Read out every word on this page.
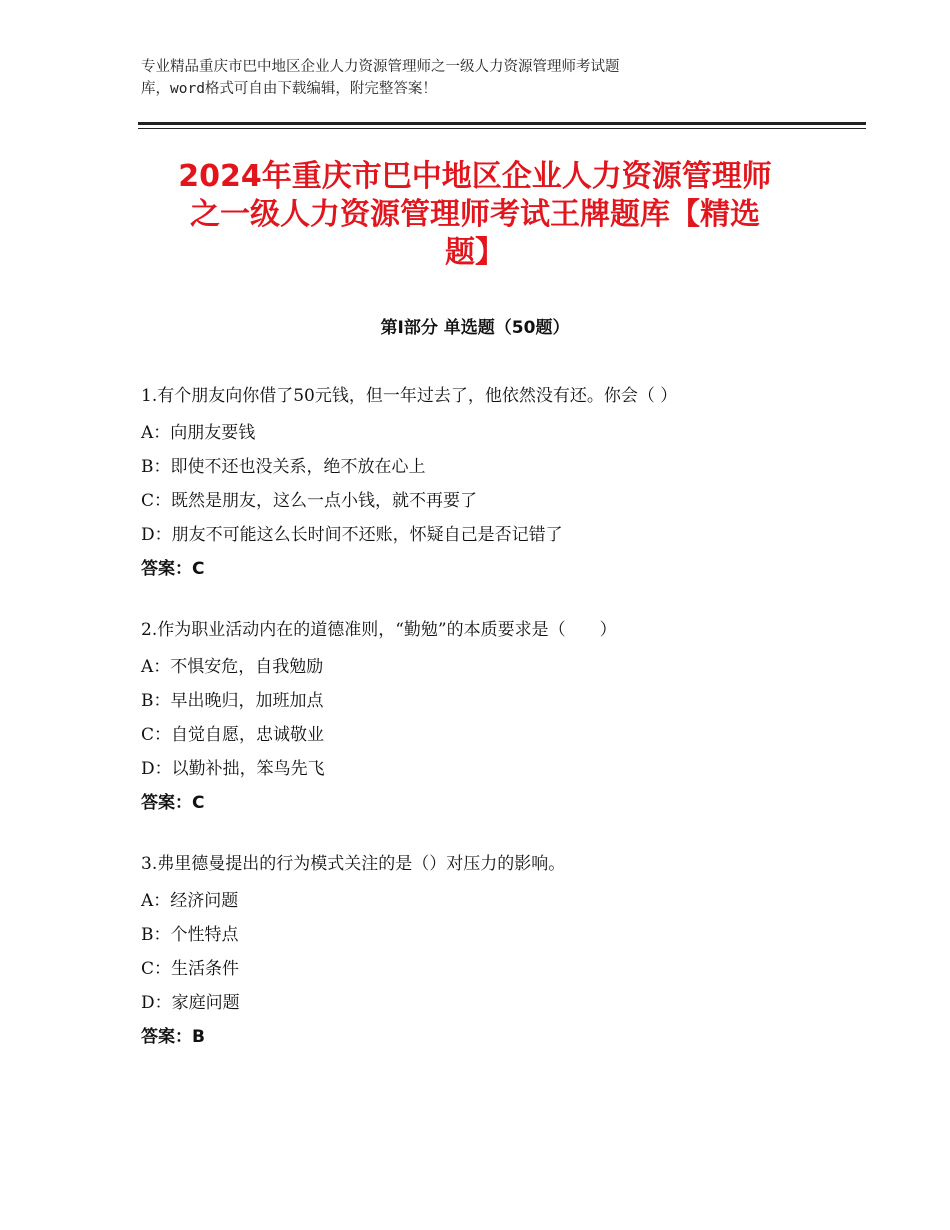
专业精品重庆市巴中地区企业人力资源管理师之一级人力资源管理师考试题
库，word格式可自由下载编辑，附完整答案！
2024年重庆市巴中地区企业人力资源管理师
之一级人力资源管理师考试王牌题库【精选
题】
第Ⅰ部分 单选题（50题）
1.有个朋友向你借了50元钱，但一年过去了，他依然没有还。你会（ ）
A：向朋友要钱
B：即使不还也没关系，绝不放在心上
C：既然是朋友，这么一点小钱，就不再要了
D：朋友不可能这么长时间不还账，怀疑自己是否记错了
答案：C
2.作为职业活动内在的道德准则，“勤勉”的本质要求是（　　）
A：不惧安危，自我勉励
B：早出晚归，加班加点
C：自觉自愿，忠诚敬业
D：以勤补拙，笨鸟先飞
答案：C
3.弗里德曼提出的行为模式关注的是（）对压力的影响。
A：经济问题
B：个性特点
C：生活条件
D：家庭问题
答案：B
